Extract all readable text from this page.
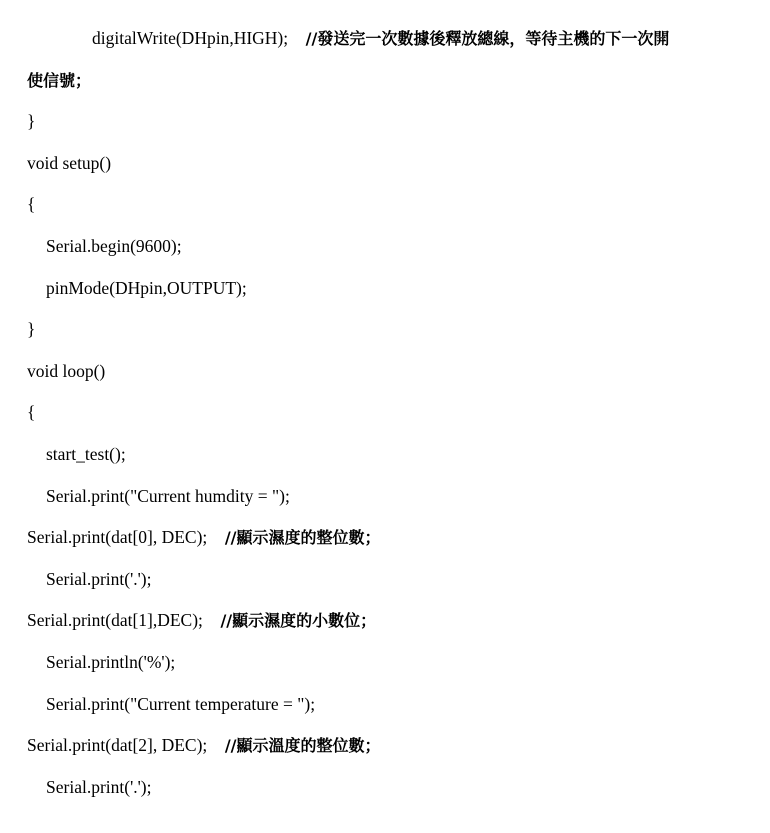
digitalWrite(DHpin,HIGH); //發送完一次數據後釋放總線，等待主機的下一次開
使信號；
}
void setup()
{
Serial.begin(9600);
pinMode(DHpin,OUTPUT);
}
void loop()
{
start_test();
Serial.print("Current humdity = ");
Serial.print(dat[0], DEC); //顯示濕度的整位數；
Serial.print('.');
Serial.print(dat[1],DEC); //顯示濕度的小數位；
Serial.println('%');
Serial.print("Current temperature = ");
Serial.print(dat[2], DEC); //顯示溫度的整位數；
Serial.print('.');
